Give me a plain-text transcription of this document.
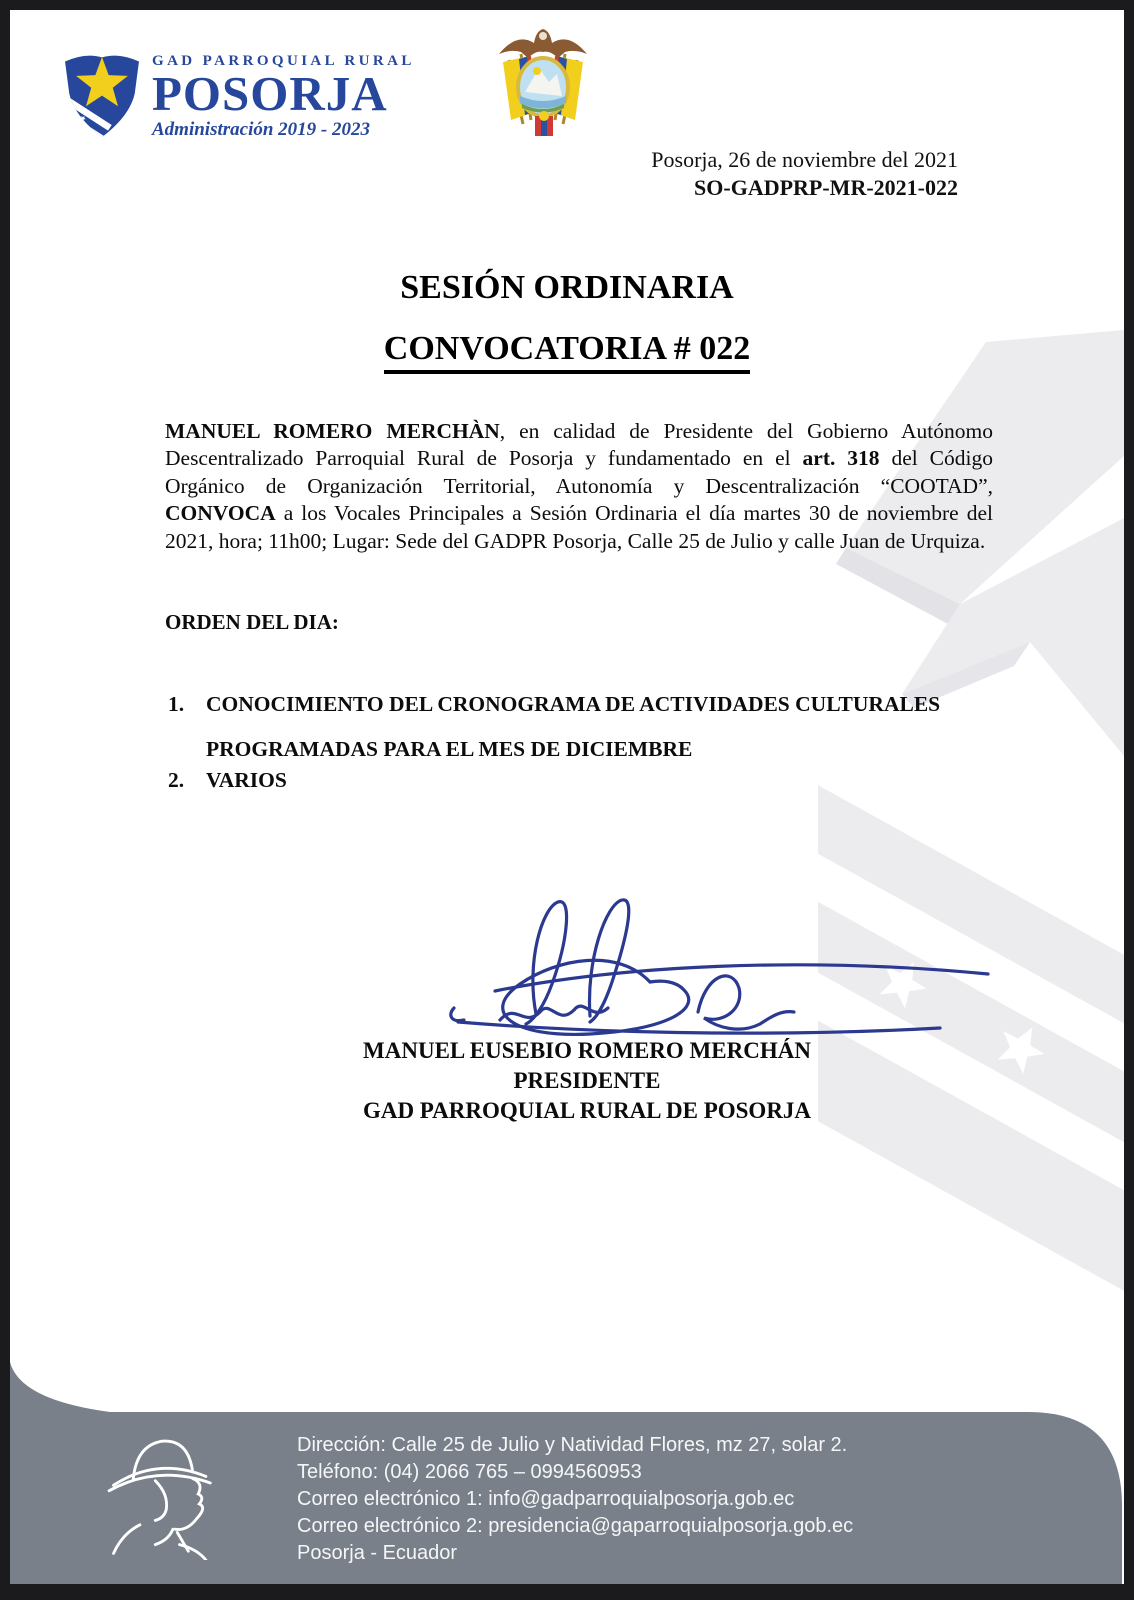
GAD PARROQUIAL RURAL
POSORJA
Administración 2019 - 2023
Posorja, 26 de noviembre del 2021
SO-GADPRP-MR-2021-022
SESIÓN ORDINARIA

CONVOCATORIA # 022

MANUEL ROMERO MERCHÀN, en calidad de Presidente del Gobierno Autónomo Descentralizado Parroquial Rural de Posorja y fundamentado en el art. 318 del Código Orgánico de Organización Territorial, Autonomía y Descentralización “COOTAD”, CONVOCA a los Vocales Principales a Sesión Ordinaria el día martes 30 de noviembre del 2021, hora; 11h00; Lugar: Sede del GADPR Posorja, Calle 25 de Julio y calle Juan de Urquiza.

ORDEN DEL DIA:
1.	CONOCIMIENTO DEL CRONOGRAMA DE ACTIVIDADES CULTURALES PROGRAMADAS PARA EL MES DE DICIEMBRE
2.	VARIOS
MANUEL EUSEBIO ROMERO MERCHÁN
PRESIDENTE
GAD PARROQUIAL RURAL DE POSORJA
Dirección: Calle 25 de Julio y Natividad Flores, mz 27, solar 2.
Teléfono: (04) 2066 765 – 0994560953
Correo electrónico 1: info@gadparroquialposorja.gob.ec
Correo electrónico 2: presidencia@gaparroquialposorja.gob.ec
Posorja - Ecuador
